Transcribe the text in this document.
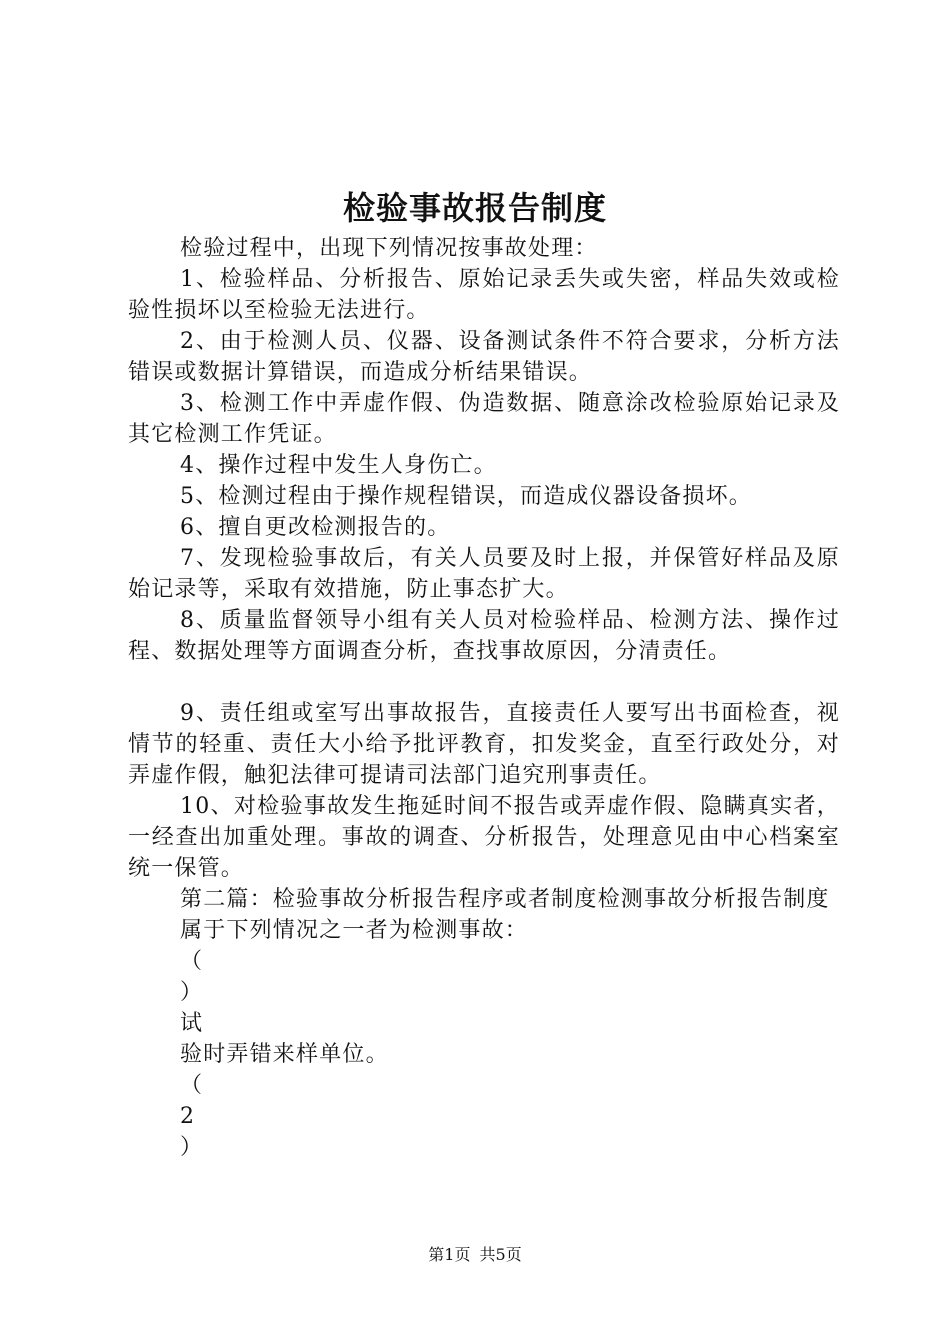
检验事故报告制度

检验过程中，出现下列情况按事故处理：

1、检验样品、分析报告、原始记录丢失或失密，样品失效或检验性损坏以至检验无法进行。

2、由于检测人员、仪器、设备测试条件不符合要求，分析方法错误或数据计算错误，而造成分析结果错误。

3、检测工作中弄虚作假、伪造数据、随意涂改检验原始记录及其它检测工作凭证。

4、操作过程中发生人身伤亡。

5、检测过程由于操作规程错误，而造成仪器设备损坏。

6、擅自更改检测报告的。

7、发现检验事故后，有关人员要及时上报，并保管好样品及原始记录等，采取有效措施，防止事态扩大。

8、质量监督领导小组有关人员对检验样品、检测方法、操作过程、数据处理等方面调查分析，查找事故原因，分清责任。

9、责任组或室写出事故报告，直接责任人要写出书面检查，视情节的轻重、责任大小给予批评教育，扣发奖金，直至行政处分，对弄虚作假，触犯法律可提请司法部门追究刑事责任。

10、对检验事故发生拖延时间不报告或弄虚作假、隐瞒真实者，一经查出加重处理。事故的调查、分析报告，处理意见由中心档案室统一保管。

第二篇：检验事故分析报告程序或者制度检测事故分析报告制度

属于下列情况之一者为检测事故：

（

）

试

验时弄错来样单位。

（

2

）

第1页 共5页
